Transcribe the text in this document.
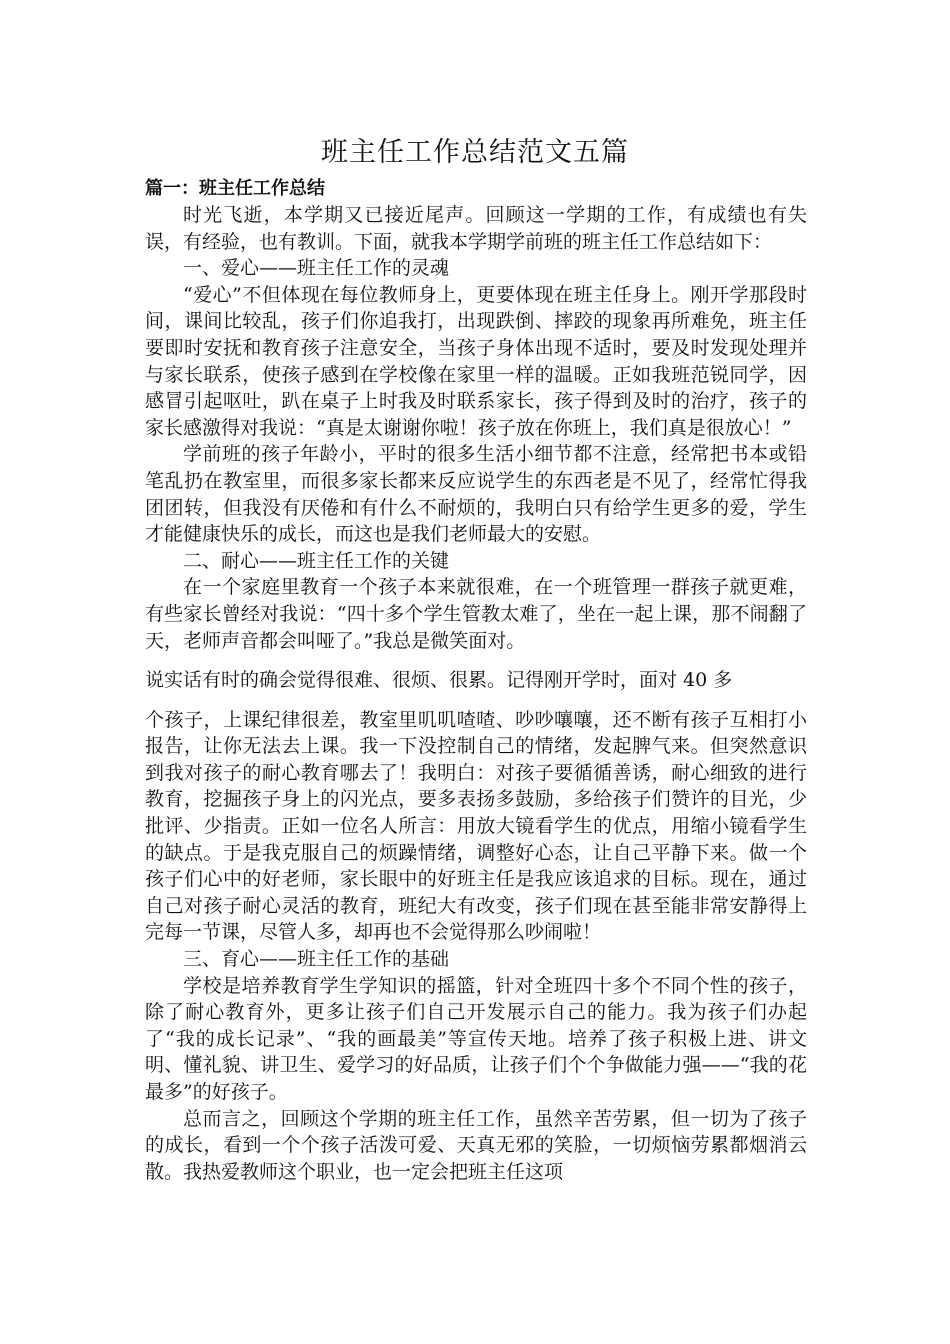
班主任工作总结范文五篇
篇一：班主任工作总结

时光飞逝，本学期又已接近尾声。回顾这一学期的工作，有成绩也有失误，有经验，也有教训。下面，就我本学期学前班的班主任工作总结如下：

一、爱心——班主任工作的灵魂

“爱心”不但体现在每位教师身上，更要体现在班主任身上。刚开学那段时间，课间比较乱，孩子们你追我打，出现跌倒、摔跤的现象再所难免，班主任要即时安抚和教育孩子注意安全，当孩子身体出现不适时，要及时发现处理并与家长联系，使孩子感到在学校像在家里一样的温暖。正如我班范锐同学，因感冒引起呕吐，趴在桌子上时我及时联系家长，孩子得到及时的治疗，孩子的家长感激得对我说：“真是太谢谢你啦！孩子放在你班上，我们真是很放心！”

学前班的孩子年龄小，平时的很多生活小细节都不注意，经常把书本或铅笔乱扔在教室里，而很多家长都来反应说学生的东西老是不见了，经常忙得我团团转，但我没有厌倦和有什么不耐烦的，我明白只有给学生更多的爱，学生才能健康快乐的成长，而这也是我们老师最大的安慰。

二、耐心——班主任工作的关键

在一个家庭里教育一个孩子本来就很难，在一个班管理一群孩子就更难，有些家长曾经对我说：“四十多个学生管教太难了，坐在一起上课，那不闹翻了天，老师声音都会叫哑了。”我总是微笑面对。

说实话有时的确会觉得很难、很烦、很累。记得刚开学时，面对 40 多

个孩子，上课纪律很差，教室里叽叽喳喳、吵吵嚷嚷，还不断有孩子互相打小报告，让你无法去上课。我一下没控制自己的情绪，发起脾气来。但突然意识到我对孩子的耐心教育哪去了！我明白：对孩子要循循善诱，耐心细致的进行教育，挖掘孩子身上的闪光点，要多表扬多鼓励，多给孩子们赞许的目光，少批评、少指责。正如一位名人所言：用放大镜看学生的优点，用缩小镜看学生的缺点。于是我克服自己的烦躁情绪，调整好心态，让自己平静下来。做一个孩子们心中的好老师，家长眼中的好班主任是我应该追求的目标。现在，通过自己对孩子耐心灵活的教育，班纪大有改变，孩子们现在甚至能非常安静得上完每一节课，尽管人多，却再也不会觉得那么吵闹啦！

三、育心——班主任工作的基础

学校是培养教育学生学知识的摇篮，针对全班四十多个不同个性的孩子，除了耐心教育外，更多让孩子们自己开发展示自己的能力。我为孩子们办起了“我的成长记录”、“我的画最美”等宣传天地。培养了孩子积极上进、讲文明、懂礼貌、讲卫生、爱学习的好品质，让孩子们个个争做能力强——“我的花最多”的好孩子。

总而言之，回顾这个学期的班主任工作，虽然辛苦劳累，但一切为了孩子的成长，看到一个个孩子活泼可爱、天真无邪的笑脸，一切烦恼劳累都烟消云散。我热爱教师这个职业，也一定会把班主任这项
